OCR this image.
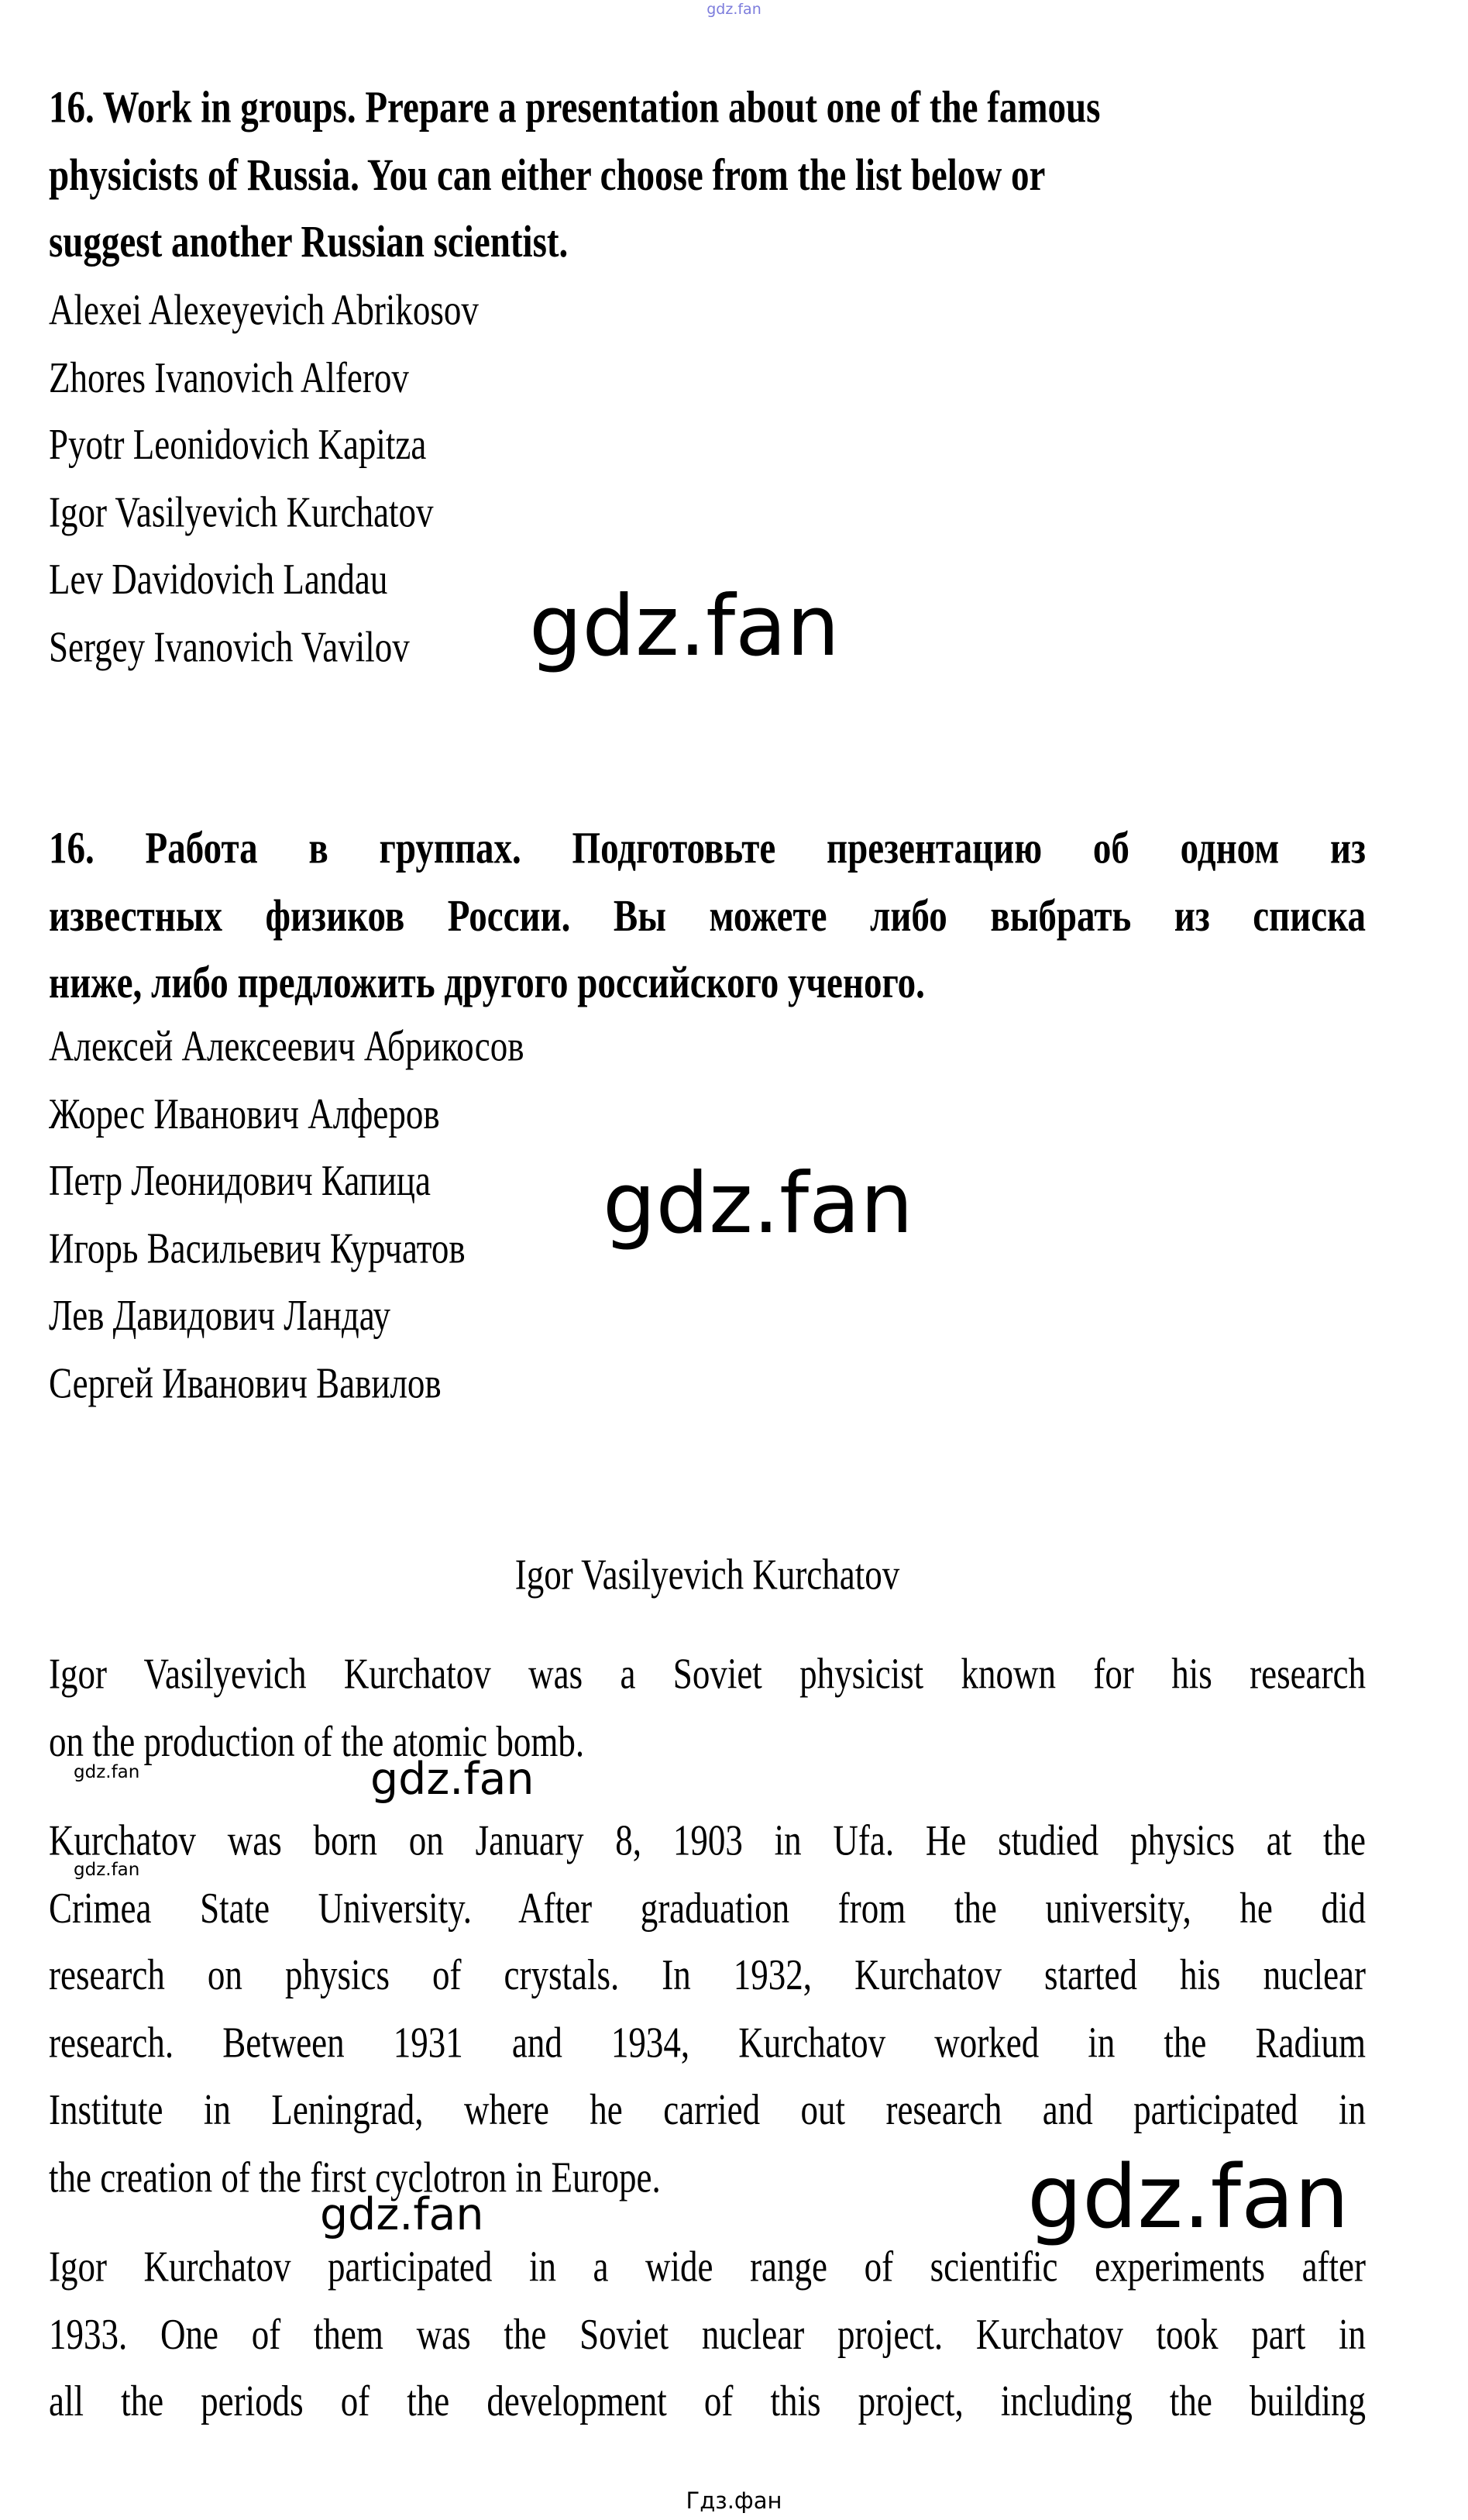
gdz.fan
16. Work in groups. Prepare a presentation about one of the famous
physicists of Russia. You can either choose from the list below or
suggest another Russian scientist.
Alexei Alexeyevich Abrikosov
Zhores Ivanovich Alferov
Pyotr Leonidovich Kapitza
Igor Vasilyevich Kurchatov
Lev Davidovich Landau
Sergey Ivanovich Vavilov	gdz.fan
16. Работа в группах. Подготовьте презентацию об одном из
известных физиков России. Вы можете либо выбрать из списка
ниже, либо предложить другого российского ученого.
Алексей Алексеевич Абрикосов
Жорес Иванович Алферов
Петр Леонидович Капица
Игорь Васильевич Курчатов
Лев Давидович Ландау
Сергей Иванович Вавилов
gdz.fan
Igor Vasilyevich Kurchatov
Igor Vasilyevich Kurchatov was a Soviet physicist known for his research
on the production of the atomic bomb.
gdz.fan	gdz.fan
gdz.fan
Kurchatov was born on January 8, 1903 in Ufa. He studied physics at the
Crimea State University. After graduation from the university, he did
research on physics of crystals. In 1932, Kurchatov started his nuclear
research. Between 1931 and 1934, Kurchatov worked in the Radium
Institute in Leningrad, where he carried out research and participated in
the creation of the first cyclotron in Europe.	gdz.fan
gdz.fan
Igor Kurchatov participated in a wide range of scientific experiments after
1933. One of them was the Soviet nuclear project. Kurchatov took part in
all the periods of the development of this project, including the building
Гдз.фан
